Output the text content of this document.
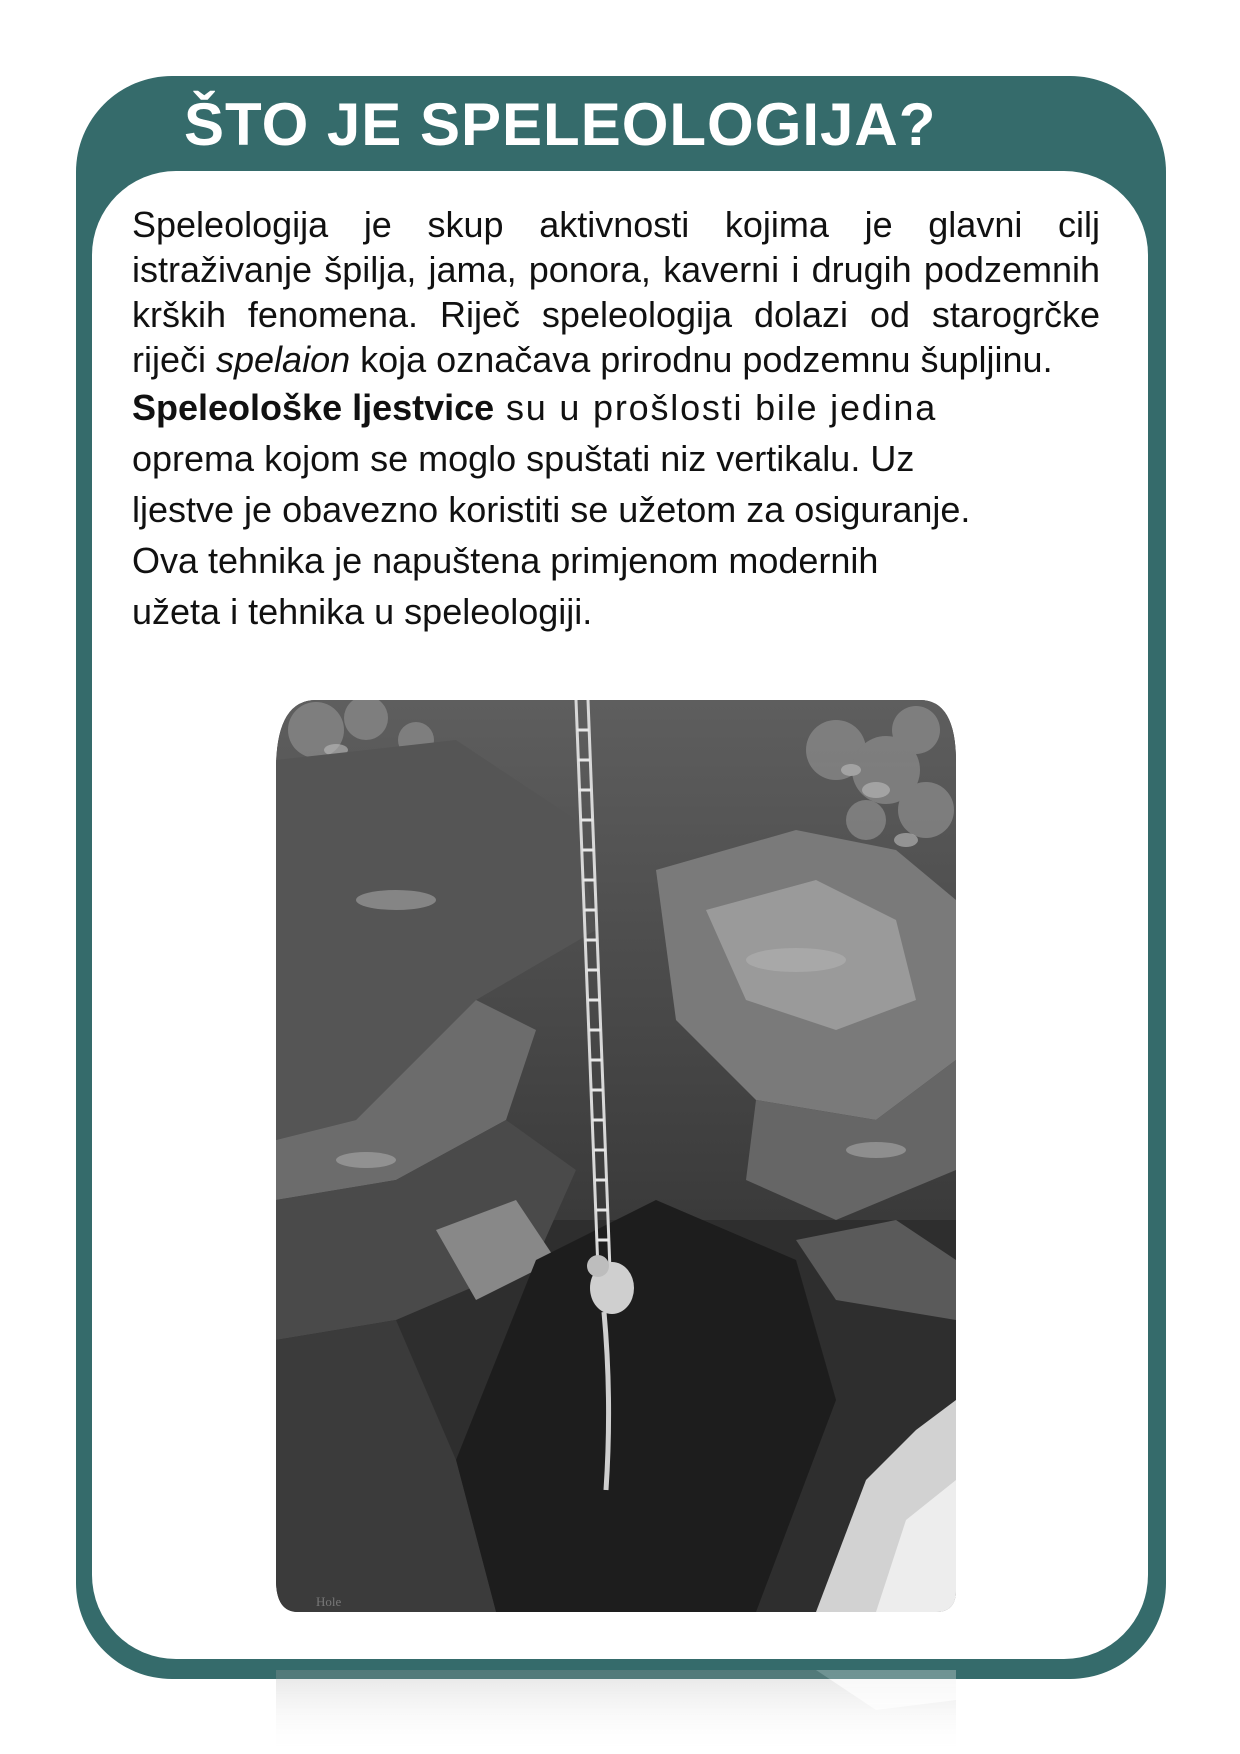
ŠTO JE SPELEOLOGIJA?

Speleologija je skup aktivnosti kojima je glavni cilj istraživanje špilja, jama, ponora, kaverni i drugih podzemnih krških fenomena. Riječ speleologija dolazi od starogrčke riječi spelaion koja označava prirodnu podzemnu šupljinu.

Speleološke ljestvice su u prošlosti bile jedina
oprema kojom se moglo spuštati niz vertikalu. Uz
ljestve je obavezno koristiti se užetom za osiguranje.
Ova tehnika je napuštena primjenom modernih
užeta i tehnika u speleologiji.

Hole
